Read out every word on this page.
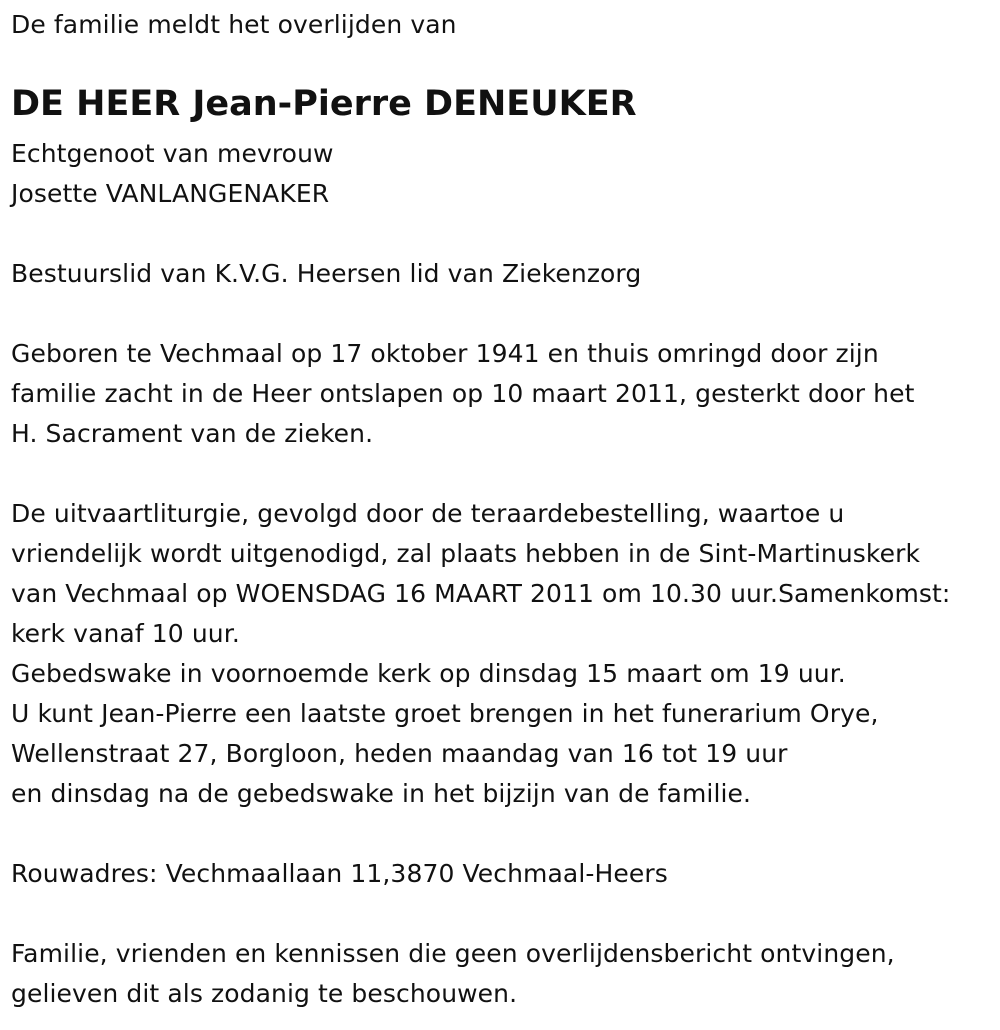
De familie meldt het overlijden van
DE HEER Jean-Pierre DENEUKER
Echtgenoot van mevrouw
Josette VANLANGENAKER
Bestuurslid van K.V.G. Heersen lid van Ziekenzorg
Geboren te Vechmaal op 17 oktober 1941 en thuis omringd door zijn
familie zacht in de Heer ontslapen op 10 maart 2011, gesterkt door het
H. Sacrament van de zieken.
De uitvaartliturgie, gevolgd door de teraardebestelling, waartoe u
vriendelijk wordt uitgenodigd, zal plaats hebben in de Sint-Martinuskerk
van Vechmaal op WOENSDAG 16 MAART 2011 om 10.30 uur.Samenkomst:
kerk vanaf 10 uur.
Gebedswake in voornoemde kerk op dinsdag 15 maart om 19 uur.
U kunt Jean-Pierre een laatste groet brengen in het funerarium Orye,
Wellenstraat 27, Borgloon, heden maandag van 16 tot 19 uur
en dinsdag na de gebedswake in het bijzijn van de familie.
Rouwadres: Vechmaallaan 11,3870 Vechmaal-Heers
Familie, vrienden en kennissen die geen overlijdensbericht ontvingen,
gelieven dit als zodanig te beschouwen.
